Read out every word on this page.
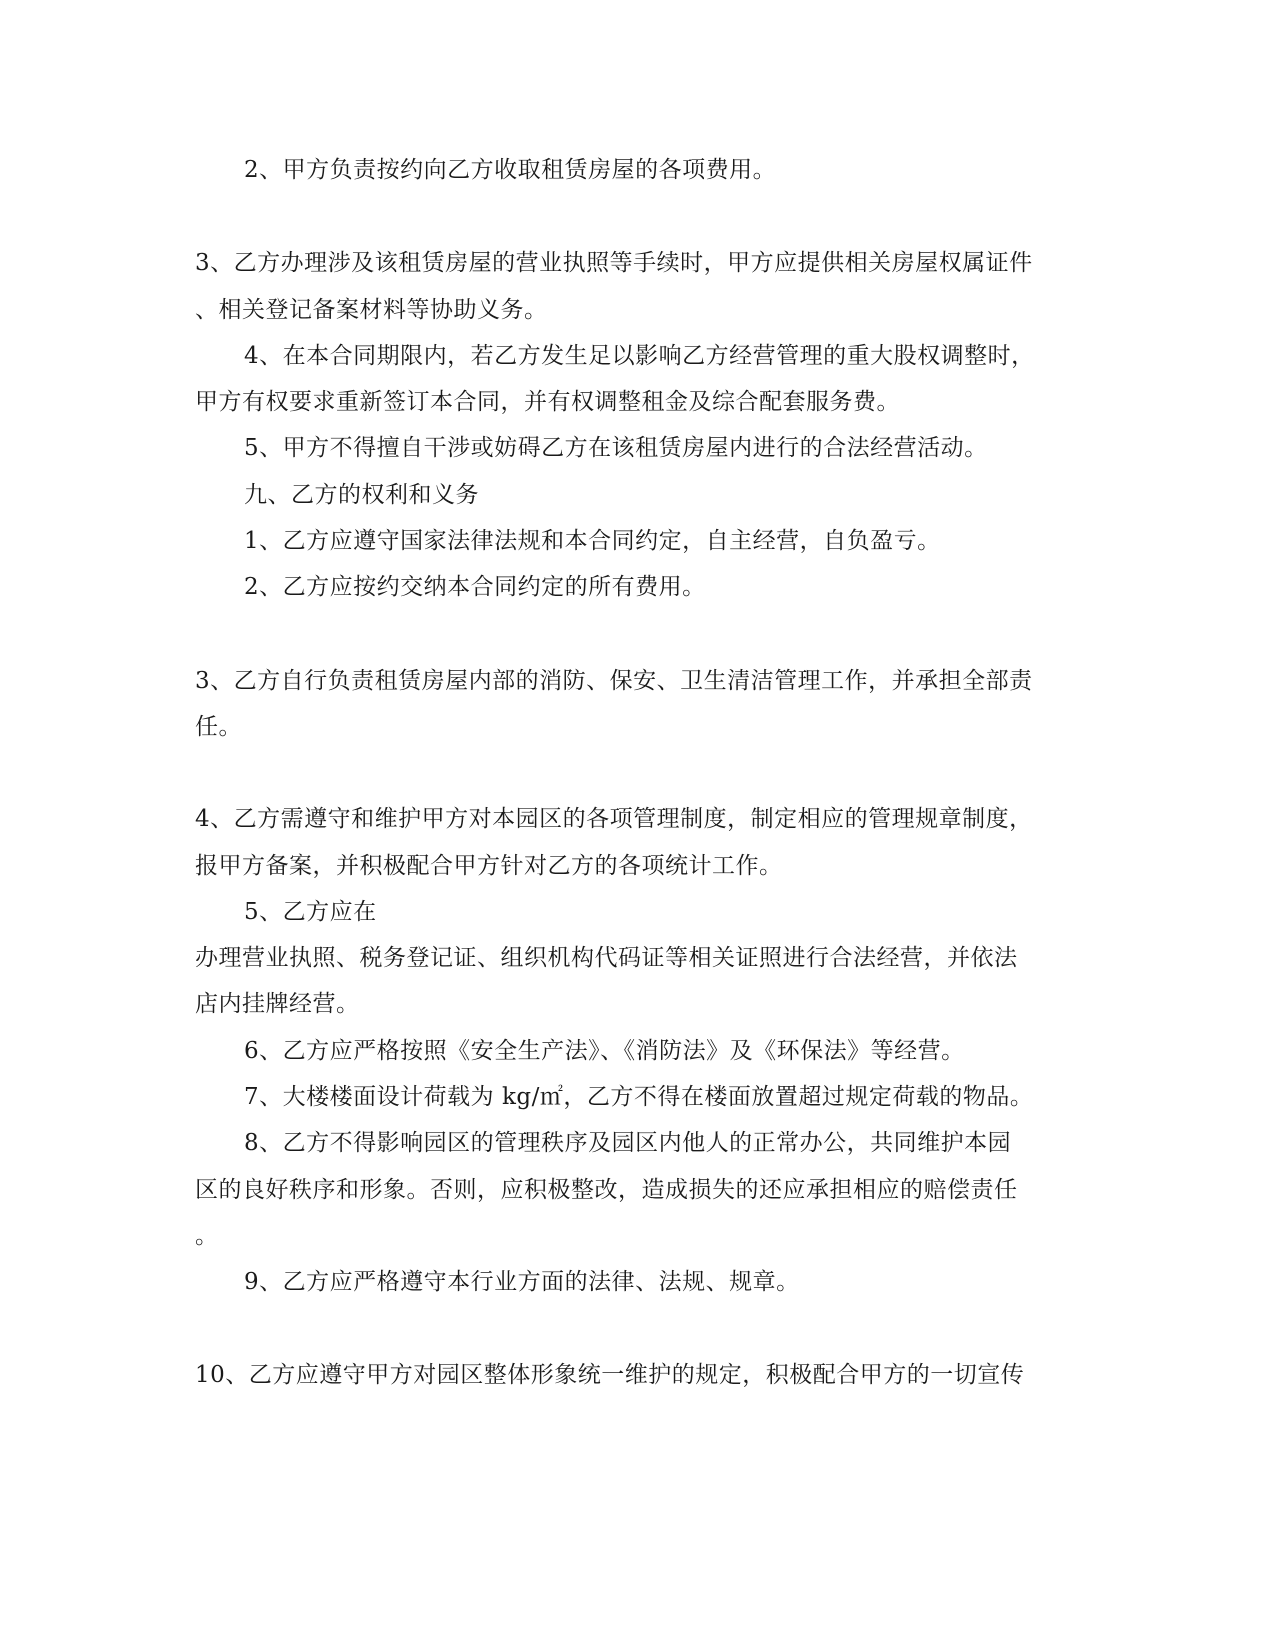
2、甲方负责按约向乙方收取租赁房屋的各项费用。
3、乙方办理涉及该租赁房屋的营业执照等手续时，甲方应提供相关房屋权属证件
、相关登记备案材料等协助义务。
4、在本合同期限内，若乙方发生足以影响乙方经营管理的重大股权调整时，
甲方有权要求重新签订本合同，并有权调整租金及综合配套服务费。
5、甲方不得擅自干涉或妨碍乙方在该租赁房屋内进行的合法经营活动。
九、乙方的权利和义务
1、乙方应遵守国家法律法规和本合同约定，自主经营，自负盈亏。
2、乙方应按约交纳本合同约定的所有费用。
3、乙方自行负责租赁房屋内部的消防、保安、卫生清洁管理工作，并承担全部责
任。
4、乙方需遵守和维护甲方对本园区的各项管理制度，制定相应的管理规章制度，
报甲方备案，并积极配合甲方针对乙方的各项统计工作。
5、乙方应在
办理营业执照、税务登记证、组织机构代码证等相关证照进行合法经营，并依法
店内挂牌经营。
6、乙方应严格按照《安全生产法》、《消防法》及《环保法》等经营。
7、大楼楼面设计荷载为 kg/㎡，乙方不得在楼面放置超过规定荷载的物品。
8、乙方不得影响园区的管理秩序及园区内他人的正常办公，共同维护本园
区的良好秩序和形象。否则，应积极整改，造成损失的还应承担相应的赔偿责任
。
9、乙方应严格遵守本行业方面的法律、法规、规章。
10、乙方应遵守甲方对园区整体形象统一维护的规定，积极配合甲方的一切宣传
